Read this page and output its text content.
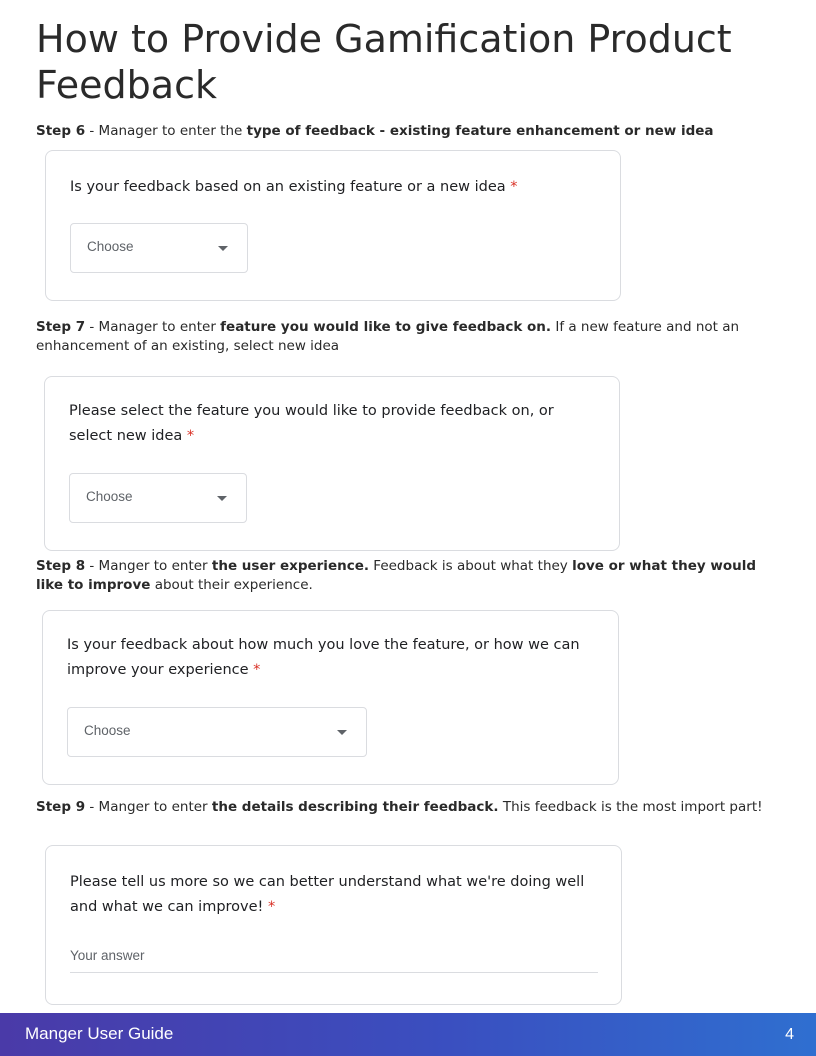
How to Provide Gamification Product Feedback

Step 6 - Manager to enter the type of feedback - existing feature enhancement or new idea

Is your feedback based on an existing feature or a new idea *

Choose

Step 7 - Manager to enter feature you would like to give feedback on. If a new feature and not an enhancement of an existing, select new idea

Please select the feature you would like to provide feedback on, or select new idea *

Choose

Step 8 - Manger to enter the user experience. Feedback is about what they love or what they would like to improve about their experience.

Is your feedback about how much you love the feature, or how we can improve your experience *

Choose

Step 9 - Manger to enter the details describing their feedback. This feedback is the most import part!

Please tell us more so we can better understand what we're doing well and what we can improve! *

Your answer
Manger User Guide	4
